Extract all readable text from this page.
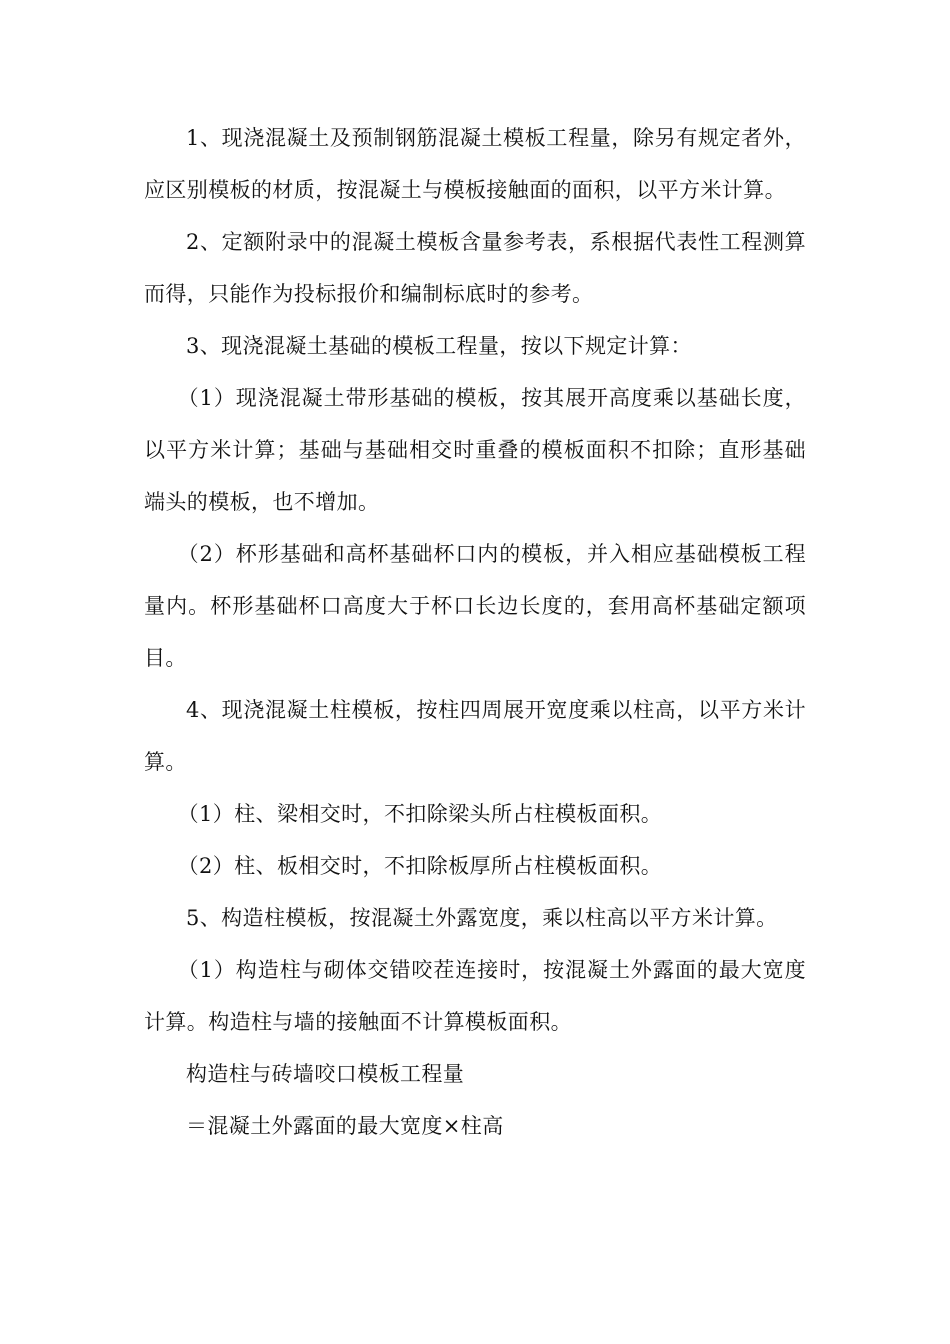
1、现浇混凝土及预制钢筋混凝土模板工程量，除另有规定者外，应区别模板的材质，按混凝土与模板接触面的面积，以平方米计算。

2、定额附录中的混凝土模板含量参考表，系根据代表性工程测算而得，只能作为投标报价和编制标底时的参考。

3、现浇混凝土基础的模板工程量，按以下规定计算：

（1）现浇混凝土带形基础的模板，按其展开高度乘以基础长度，以平方米计算；基础与基础相交时重叠的模板面积不扣除；直形基础端头的模板，也不增加。

（2）杯形基础和高杯基础杯口内的模板，并入相应基础模板工程量内。杯形基础杯口高度大于杯口长边长度的，套用高杯基础定额项目。

4、现浇混凝土柱模板，按柱四周展开宽度乘以柱高，以平方米计算。

（1）柱、梁相交时，不扣除梁头所占柱模板面积。

（2）柱、板相交时，不扣除板厚所占柱模板面积。

5、构造柱模板，按混凝土外露宽度，乘以柱高以平方米计算。

（1）构造柱与砌体交错咬茬连接时，按混凝土外露面的最大宽度计算。构造柱与墙的接触面不计算模板面积。

构造柱与砖墙咬口模板工程量

＝混凝土外露面的最大宽度×柱高
